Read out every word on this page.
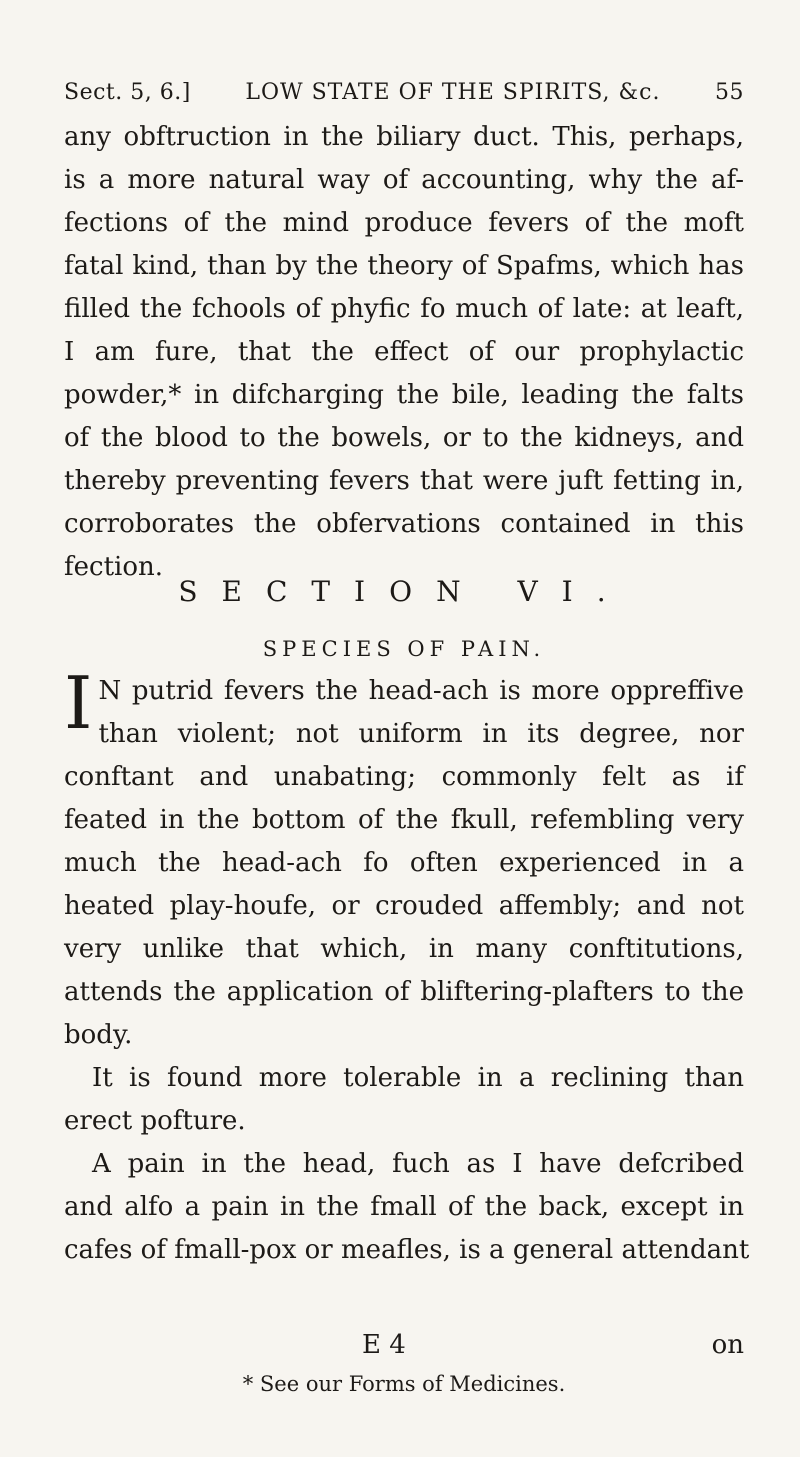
Sect. 5, 6.] LOW STATE OF THE SPIRITS, &c. 55
any obftruction in the biliary duct. This, perhaps,
is a more natural way of accounting, why the af-
fections of the mind produce fevers of the moft
fatal kind, than by the theory of Spafms, which has
filled the fchools of phyfic fo much of late: at leaft,
I am fure, that the effect of our prophylactic
powder,* in difcharging the bile, leading the falts
of the blood to the bowels, or to the kidneys, and
thereby preventing fevers that were juft fetting in,
corroborates the obfervations contained in this
fection.
SECTION VI.
SPECIES OF PAIN.
I N putrid fevers the head-ach is more oppreffive
than violent; not uniform in its degree, nor
conftant and unabating; commonly felt as if
feated in the bottom of the fkull, refembling very
much the head-ach fo often experienced in a
heated play-houfe, or crouded affembly; and not
very unlike that which, in many conftitutions,
attends the application of bliftering-plafters to the
body.
It is found more tolerable in a reclining than
erect pofture.
A pain in the head, fuch as I have defcribed
and alfo a pain in the fmall of the back, except in
cafes of fmall-pox or meafles, is a general attendant
E 4	on
* See our Forms of Medicines.
